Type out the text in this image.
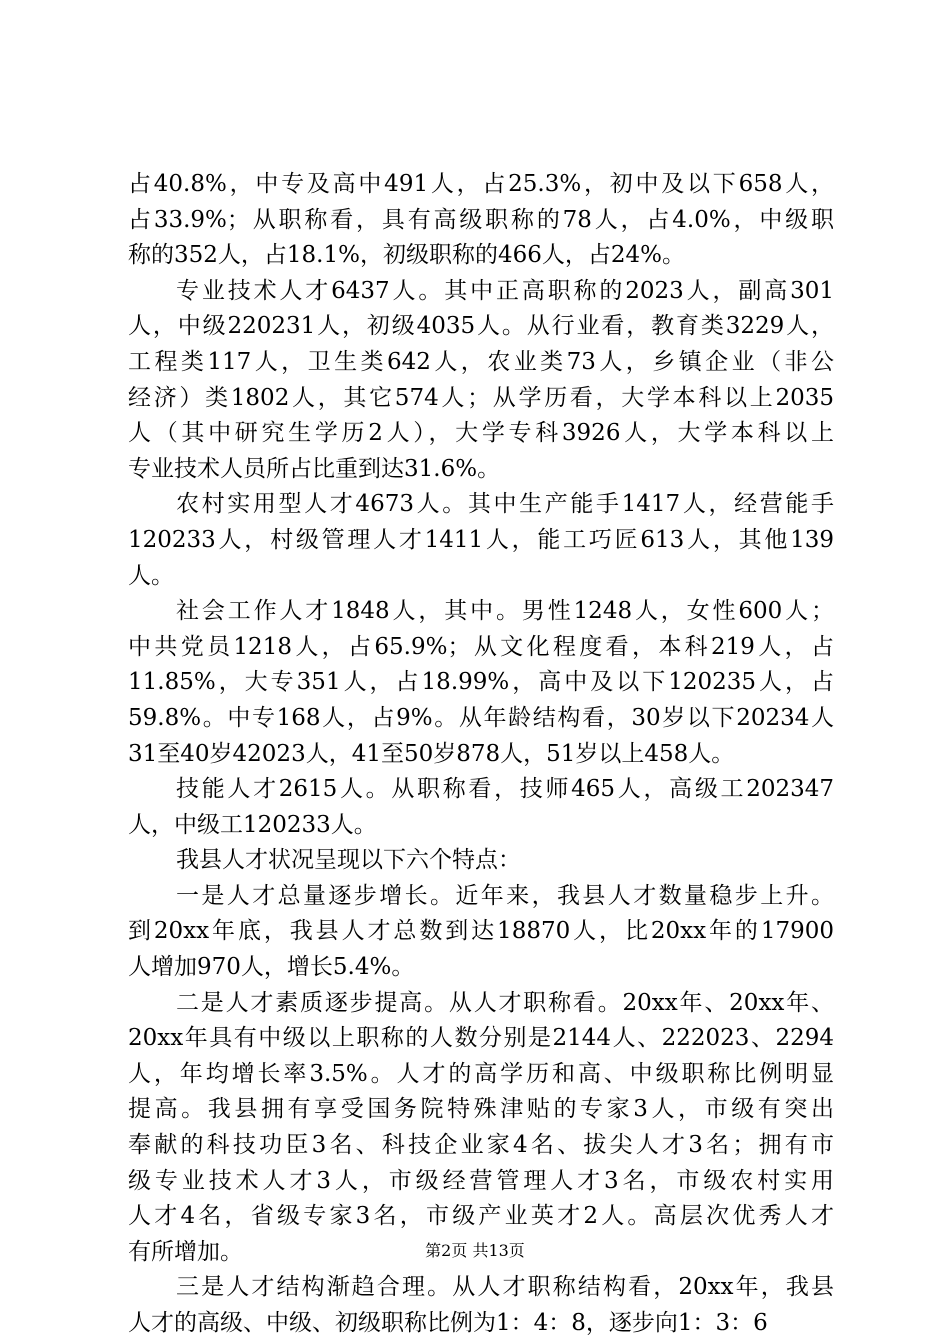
占40.8%，中专及高中491人，占25.3%，初中及以下658人，
占33.9%；从职称看，具有高级职称的78人，占4.0%，中级职
称的352人，占18.1%，初级职称的466人，占24%。
专业技术人才6437人。其中正高职称的2023人，副高301
人，中级220231人，初级4035人。从行业看，教育类3229人，
工程类117人，卫生类642人，农业类73人，乡镇企业（非公
经济）类1802人，其它574人；从学历看，大学本科以上2035
人（其中研究生学历2人），大学专科3926人，大学本科以上
专业技术人员所占比重到达31.6%。
农村实用型人才4673人。其中生产能手1417人，经营能手
120233人，村级管理人才1411人，能工巧匠613人，其他139
人。
社会工作人才1848人，其中。男性1248人，女性600人；
中共党员1218人，占65.9%；从文化程度看，本科219人，占
11.85%，大专351人，占18.99%，高中及以下120235人，占
59.8%。中专168人，占9%。从年龄结构看，30岁以下20234人
31至40岁42023人，41至50岁878人，51岁以上458人。
技能人才2615人。从职称看，技师465人，高级工202347
人，中级工120233人。
我县人才状况呈现以下六个特点：
一是人才总量逐步增长。近年来，我县人才数量稳步上升。
到20xx年底，我县人才总数到达18870人，比20xx年的17900
人增加970人，增长5.4%。
二是人才素质逐步提高。从人才职称看。20xx年、20xx年、
20xx年具有中级以上职称的人数分别是2144人、222023、2294
人，年均增长率3.5%。人才的高学历和高、中级职称比例明显
提高。我县拥有享受国务院特殊津贴的专家3人，市级有突出
奉献的科技功臣3名、科技企业家4名、拔尖人才3名；拥有市
级专业技术人才3人，市级经营管理人才3名，市级农村实用
人才4名，省级专家3名，市级产业英才2人。高层次优秀人才
有所增加。
三是人才结构渐趋合理。从人才职称结构看，20xx年，我县
人才的高级、中级、初级职称比例为1：4：8，逐步向1：3：6
第2页 共13页
